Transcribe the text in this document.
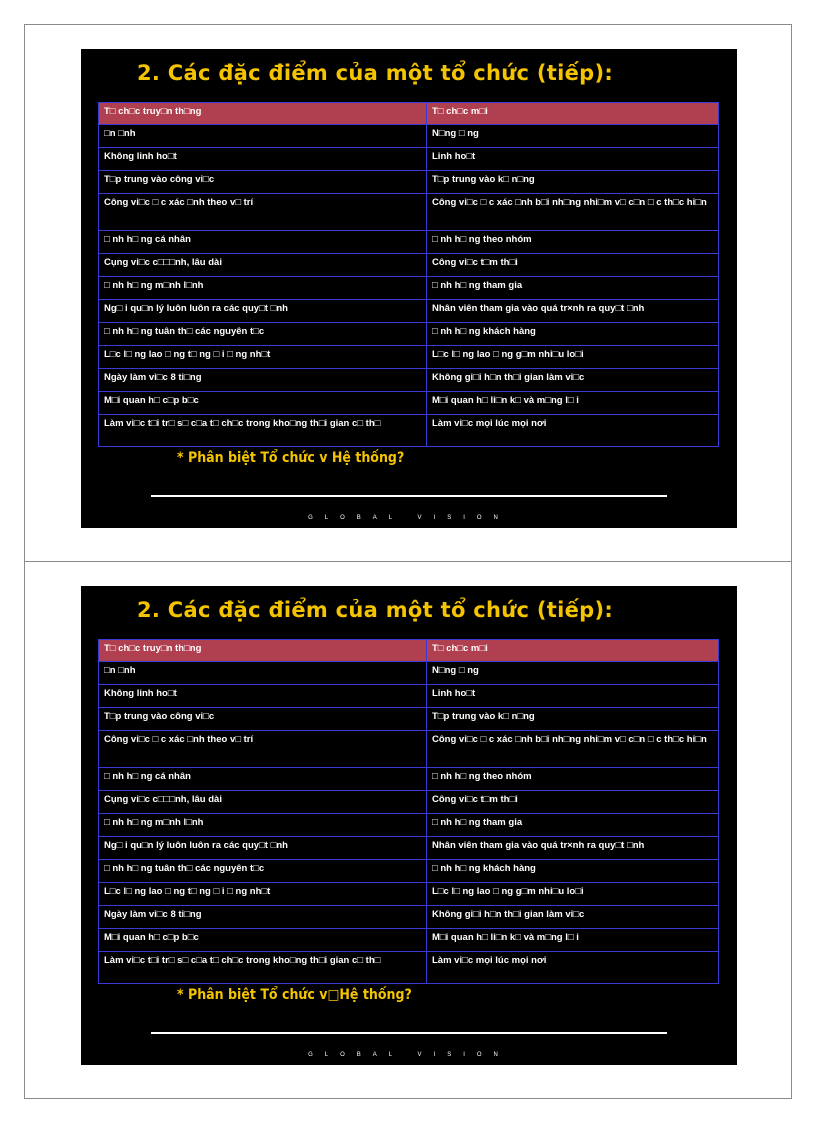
2. Các đặc điểm của một tổ chức (tiếp):
T□ ch□c truy□n th□ng	T□ ch□c m□i
□n □nh	N□ng □ ng
Không linh ho□t	Linh ho□t
T□p trung vào công vi□c	T□p trung vào k□ n□ng
Công vi□c □ c xác □nh theo v□ trí	Công vi□c □ c xác □nh b□i nh□ng nhi□m v□ c□n □ c th□c hi□n
□ nh h□ ng cá nhân	□ nh h□ ng theo nhóm
Cụng vi□c c□□□nh, lâu dài	Công vi□c t□m th□i
□ nh h□ ng m□nh l□nh	□ nh h□ ng tham gia
Ng□ i qu□n lý luôn luôn ra các quy□t □nh	Nhân viên tham gia vào quá tr×nh ra quy□t □nh
□ nh h□ ng tuân th□ các nguyên t□c	□ nh h□ ng khách hàng
L□c l□ ng lao □ ng t□ ng □ i □ ng nh□t	L□c l□ ng lao □ ng g□m nhi□u lo□i
Ngày làm vi□c 8 ti□ng	Không gi□i h□n th□i gian làm vi□c
M□i quan h□ c□p b□c	M□i quan h□ li□n k□ và m□ng l□ i
Làm vi□c t□i tr□ s□ c□a t□ ch□c trong kho□ng th□i gian c□ th□	Làm vi□c mọi lúc mọi nơi
* Phân biệt Tổ chức v Hệ thống?
GLOBAL VISION
2. Các đặc điểm của một tổ chức (tiếp):
T□ ch□c truy□n th□ng	T□ ch□c m□i
□n □nh	N□ng □ ng
Không linh ho□t	Linh ho□t
T□p trung vào công vi□c	T□p trung vào k□ n□ng
Công vi□c □ c xác □nh theo v□ trí	Công vi□c □ c xác □nh b□i nh□ng nhi□m v□ c□n □ c th□c hi□n
□ nh h□ ng cá nhân	□ nh h□ ng theo nhóm
Cụng vi□c c□□□nh, lâu dài	Công vi□c t□m th□i
□ nh h□ ng m□nh l□nh	□ nh h□ ng tham gia
Ng□ i qu□n lý luôn luôn ra các quy□t □nh	Nhân viên tham gia vào quá tr×nh ra quy□t □nh
□ nh h□ ng tuân th□ các nguyên t□c	□ nh h□ ng khách hàng
L□c l□ ng lao □ ng t□ ng □ i □ ng nh□t	L□c l□ ng lao □ ng g□m nhi□u lo□i
Ngày làm vi□c 8 ti□ng	Không gi□i h□n th□i gian làm vi□c
M□i quan h□ c□p b□c	M□i quan h□ li□n k□ và m□ng l□ i
Làm vi□c t□i tr□ s□ c□a t□ ch□c trong kho□ng th□i gian c□ th□	Làm vi□c mọi lúc mọi nơi
* Phân biệt Tổ chức v□Hệ thống?
GLOBAL VISION
